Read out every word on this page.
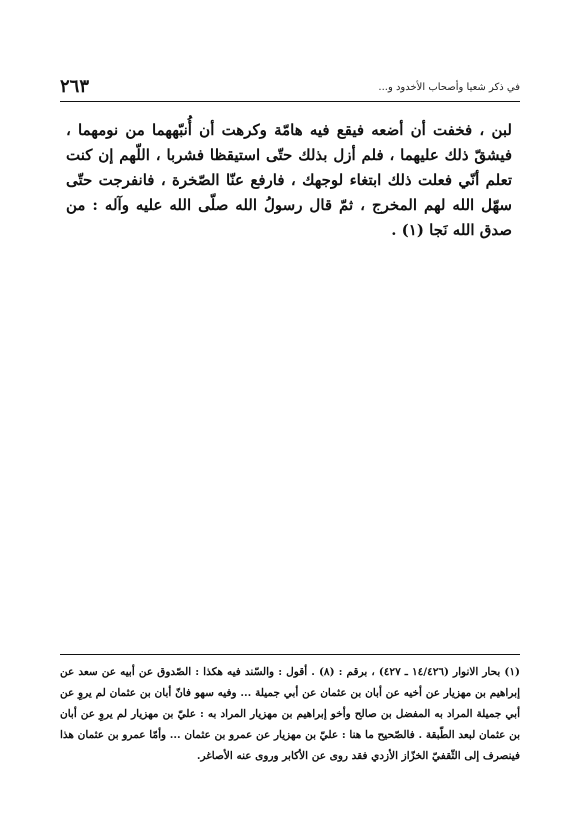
في ذكر شعيا وأصحاب الأخدود و...
٢٦٣

لبن ، فخفت أن أضعه فيقع فيه هامّة وكرهت أن أُنبّههما من نومهما ، فيشقّ ذلك عليهما ، فلم أزل بذلك حتّى استيقظا فشربا ، اللّهم إن كنت تعلم أنّي فعلت ذلك ابتغاء لوجهك ، فارفع عنّا الصّخرة ، فانفرجت حتّى سهّل الله لهم المخرج ، ثمّ قال رسولُ الله صلّى الله عليه وآله : من صدق الله نَجا (١) .

(١) بحار الانوار (١٤/٤٢٦ ـ ٤٢٧) ، برقم : (٨) . أقول : والسّند فيه هكذا : الصّدوق عن أبيه عن سعد عن إبراهيم بن مهزيار عن أخيه عن أبان بن عثمان عن أبي جميلة ... وفيه سهو فانّ أبان بن عثمان لم يروِ عن أبي جميلة المراد به المفضل بن صالح وأخو إبراهيم بن مهزيار المراد به : عليّ بن مهزيار لم يروِ عن أبان بن عثمان لبعد الطّبقة . فالصّحيح ما هنا : عليّ بن مهزيار عن عمرو بن عثمان ... وأمّا عمرو بن عثمان هذا فينصرف إلى الثّقفيّ الخزّاز الأزدي فقد روى عن الأكابر وروى عنه الأصاغر.
